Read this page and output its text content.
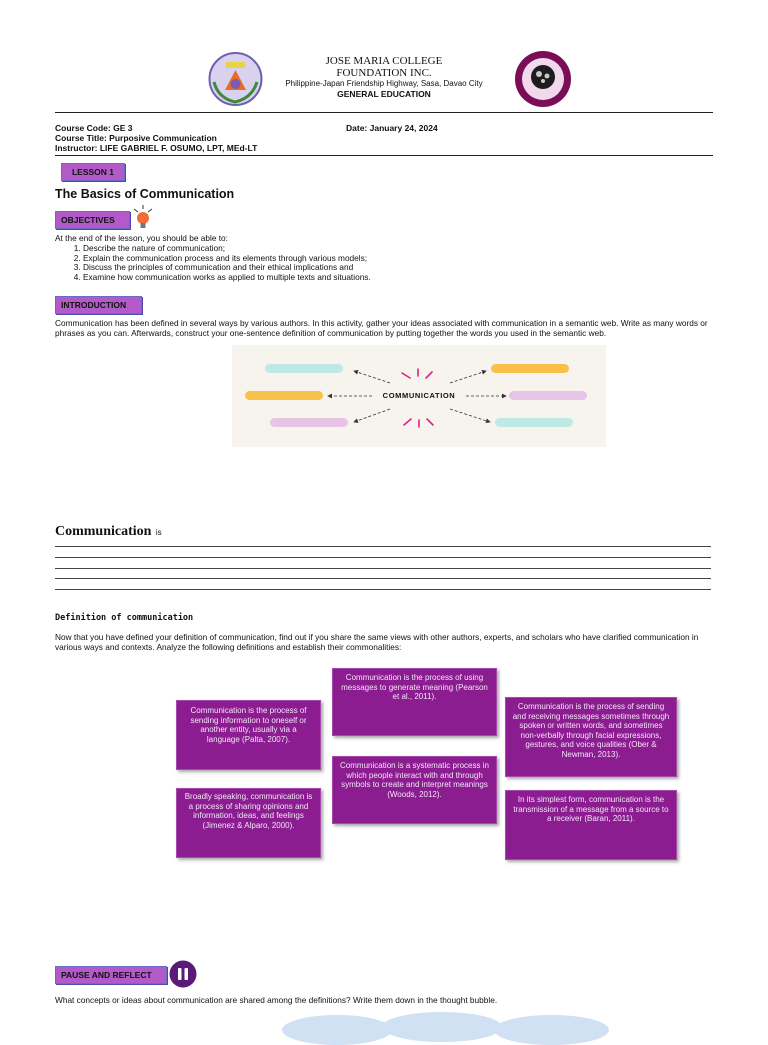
JOSE MARIA COLLEGE
FOUNDATION INC.
Philippine-Japan Friendship Highway, Sasa, Davao City
GENERAL EDUCATION
Course Code: GE 3
Course Title: Purposive Communication
Instructor: LIFE GABRIEL F. OSUMO, LPT, MEd-LT
Date: January 24, 2024
LESSON 1
The Basics of Communication
OBJECTIVES
At the end of the lesson, you should be able to:
1. Describe the nature of communication;
2. Explain the communication process and its elements through various models;
3. Discuss the principles of communication and their ethical implications and
4. Examine how communication works as applied to multiple texts and situations.
INTRODUCTION
Communication has been defined in several ways by various authors. In this activity, gather your ideas associated with communication in a semantic web. Write as many words or phrases as you can. Afterwards, construct your one-sentence definition of communication by putting together the words you used in the semantic web.
COMMUNICATION
Communication is
Definition of communication
Now that you have defined your definition of communication, find out if you share the same views with other authors, experts, and scholars who have clarified communication in various ways and contexts. Analyze the following definitions and establish their commonalities:
Communication is the process of sending information to oneself or another entity, usually via a language (Palta, 2007).
Broadly speaking, communication is a process of sharing opinions and information, ideas, and feelings (Jimenez & Alparo, 2000).
Communication is the process of using messages to generate meaning (Pearson et al., 2011).
Communication is a systematic process in which people interact with and through symbols to create and interpret meanings (Woods, 2012).
Communication is the process of sending and receiving messages sometimes through spoken or written words, and sometimes non-verbally through facial expressions, gestures, and voice qualities (Ober & Newman, 2013).
In its simplest form, communication is the transmission of a message from a source to a receiver (Baran, 2011).
PAUSE AND REFLECT
What concepts or ideas about communication are shared among the definitions? Write them down in the thought bubble.
